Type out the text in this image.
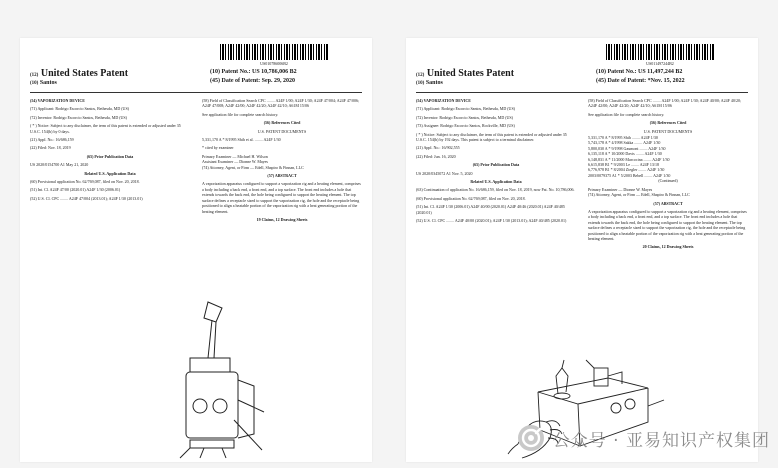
US010786006B2
(12) United States Patent
(10) Santos
(10) Patent No.: US 10,786,006 B2
(45) Date of Patent: Sep. 29, 2020
(54) VAPORIZATION DEVICE
(71) Applicant: Rodrigo Escorcio Santos, Bethesda, MD (US)
(72) Inventor: Rodrigo Escorcio Santos, Bethesda, MD (US)
( * ) Notice: Subject to any disclaimer, the term of this patent is extended or adjusted under 35 U.S.C. 154(b) by 0 days.
(21) Appl. No.: 16/686,159
(22) Filed: Nov. 18, 2019
(65) Prior Publication Data
US 2020/0154700 A1 May 21, 2020
Related U.S. Application Data
(60) Provisional application No. 62/769,087, filed on Nov. 20, 2018.
(51) Int. Cl. A24F 47/00 (2020.01) A24F 1/30 (2006.01)
(52) U.S. Cl. CPC ........ A24F 47/004 (2013.01); A24F 1/30 (2013.01)
(58) Field of Classification Search CPC ........ A24F 1/00; A24F 1/30; A24F 47/004; A24F 47/006; A24F 47/008; A24F 42/00; A24F 42/20; A24F 42/10; A61M 15/06
See application file for complete search history.
(56) References Cited
U.S. PATENT DOCUMENTS
5,331,170 A * 8/1995 Shih et al. ........ A24F 1/30
* cited by examiner
Primary Examiner — Michael H. Wilson
Assistant Examiner — Dionne W. Mayes
(74) Attorney, Agent, or Firm — Edell, Shapiro & Finnan, LLC
(57) ABSTRACT
A vaporization apparatus configured to support a vaporization rig and a heating element, comprises a body including a back end, a front end, and a top surface. The front end includes a hole that extends towards the back end, the hole being configured to support the heating element. The top surface defines a receptacle sized to support the vaporization rig, the hole and the receptacle being positioned to align a heatable portion of the vaporization rig with a heat generating portion of the heating element.
19 Claims, 12 Drawing Sheets
US011497244B2
(12) United States Patent
(10) Santos
(10) Patent No.: US 11,497,244 B2
(45) Date of Patent: *Nov. 15, 2022
(54) VAPORIZATION DEVICE
(71) Applicant: Rodrigo Escorcio Santos, Bethesda, MD (US)
(72) Inventor: Rodrigo Escorcio Santos, Bethesda, MD (US)
(73) Assignee: Rodrigo Escorcio Santos, Rockville, MD (US)
( * ) Notice: Subject to any disclaimer, the term of this patent is extended or adjusted under 35 U.S.C. 154(b) by 192 days. This patent is subject to a terminal disclaimer.
(21) Appl. No.: 16/902,555
(22) Filed: Jun. 16, 2020
(65) Prior Publication Data
US 2020/0345072 A1 Nov. 5, 2020
Related U.S. Application Data
(63) Continuation of application No. 16/686,159, filed on Nov. 18, 2019, now Pat. No. 10,786,006.
(60) Provisional application No. 62/769,087, filed on Nov. 20, 2018.
(51) Int. Cl. A24F 1/30 (2006.01) A24F 40/00 (2020.01) A24F 40/46 (2020.01) A24F 40/485 (2020.01)
(52) U.S. Cl. CPC ........ A24F 40/00 (2020.01); A24F 1/30 (2013.01); A24F 40/485 (2020.01)
(58) Field of Classification Search CPC ........ A24F 1/00; A24F 1/30; A24F 40/00; A24F 40/20; A24F 42/00; A24F 42/20; A24F 42/10; A61M 15/06
See application file for complete search history.
(56) References Cited
U.S. PATENT DOCUMENTS
5,331,170 A * 8/1995 Shih ........ A24F 1/30
5,743,178 A * 4/1998 Sakka ........ A24F 1/30
5,800,030 A * 9/1998 Gaumont ........ A24F 1/30
6,135,118 A * 10/2000 Davis ........ A24F 1/30
6,148,831 A * 11/2000 Marcocina ........ A24F 1/30
6,615,838 B1 * 9/2003 Le ........ A24F 13/18
6,776,978 B1 * 8/2004 Ziegler ........ A24F 1/30
2003/0079375 A1 * 5/2003 Bebell ........ A24F 1/30
(Continued)
Primary Examiner — Dionne W. Mayes
(74) Attorney, Agent, or Firm — Edell, Shapiro & Finnan, LLC
(57) ABSTRACT
A vaporization apparatus configured to support a vaporization rig and a heating element, comprises a body including a back end, a front end, and a top surface. The front end includes a hole that extends towards the back end, the hole being configured to support the heating element. The top surface defines a receptacle sized to support the vaporization rig, the hole and the receptacle being positioned to align a heatable portion of the vaporization rig with a heat generating portion of the heating element.
20 Claims, 12 Drawing Sheets
公众号 · 亚易知识产权集团
